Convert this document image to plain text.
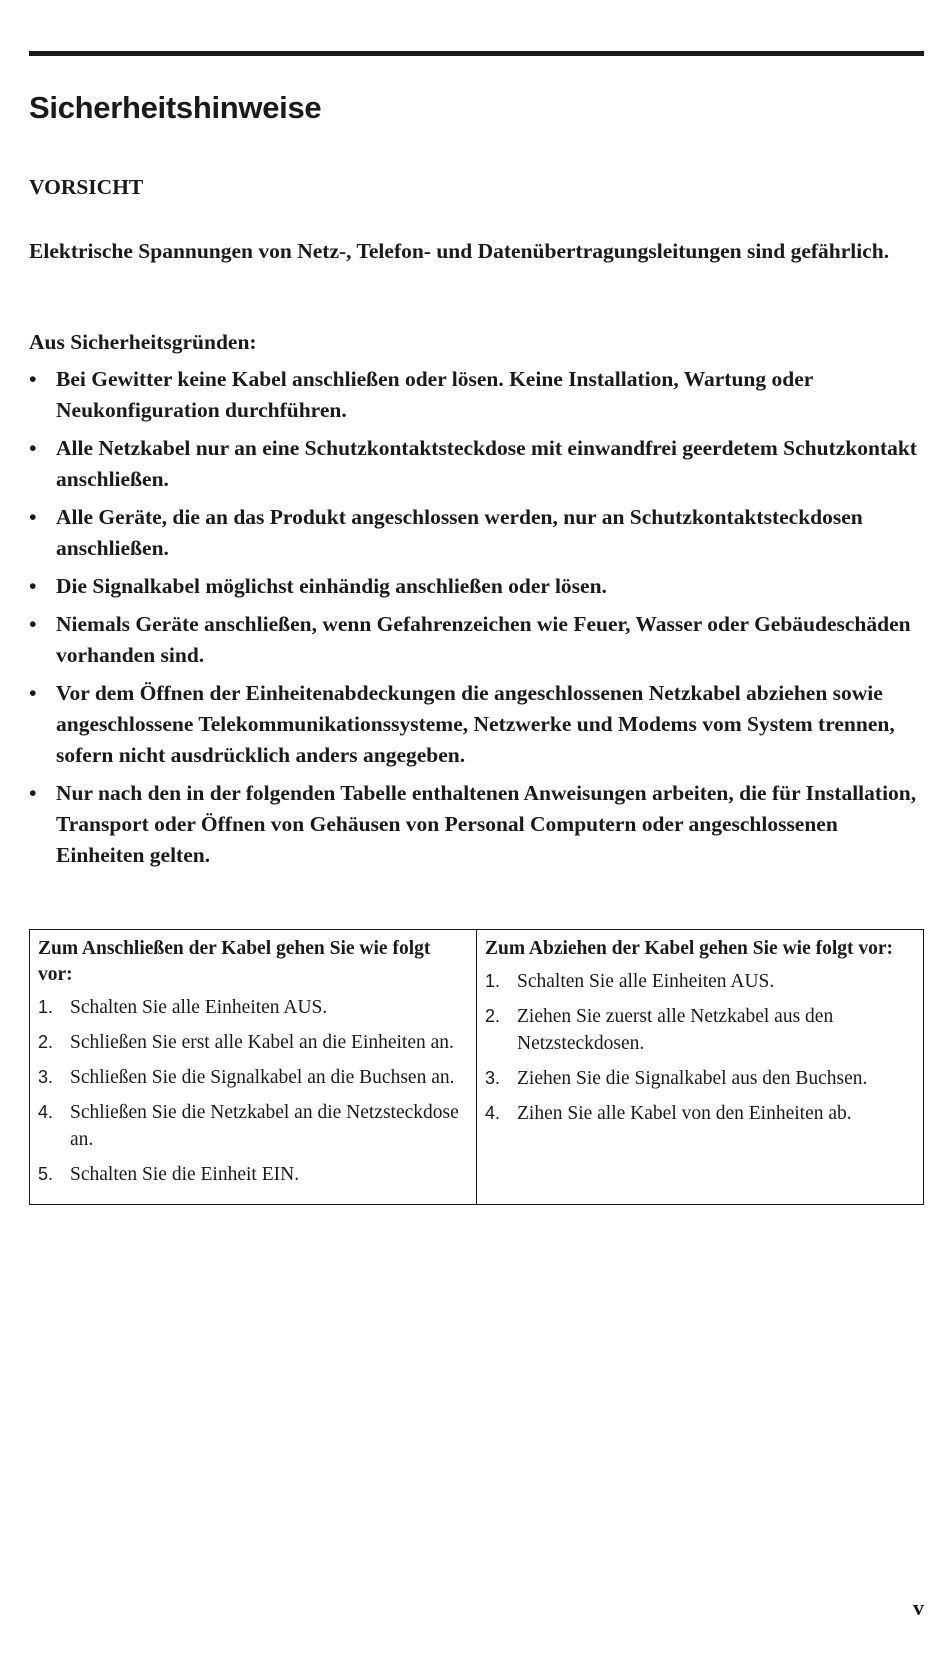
Sicherheitshinweise

VORSICHT

Elektrische Spannungen von Netz-, Telefon- und Datenübertragungsleitungen sind gefährlich.

Aus Sicherheitsgründen:

• Bei Gewitter keine Kabel anschließen oder lösen. Keine Installation, Wartung oder Neukonfiguration durchführen.
• Alle Netzkabel nur an eine Schutzkontaktsteckdose mit einwandfrei geerdetem Schutzkontakt anschließen.
• Alle Geräte, die an das Produkt angeschlossen werden, nur an Schutzkontaktsteckdosen anschließen.
• Die Signalkabel möglichst einhändig anschließen oder lösen.
• Niemals Geräte anschließen, wenn Gefahrenzeichen wie Feuer, Wasser oder Gebäudeschäden vorhanden sind.
• Vor dem Öffnen der Einheitenabdeckungen die angeschlossenen Netzkabel abziehen sowie angeschlossene Telekommunikationssysteme, Netzwerke und Modems vom System trennen, sofern nicht ausdrücklich anders angegeben.
• Nur nach den in der folgenden Tabelle enthaltenen Anweisungen arbeiten, die für Installation, Transport oder Öffnen von Gehäusen von Personal Computern oder angeschlossenen Einheiten gelten.
Zum Anschließen der Kabel gehen Sie wie folgt vor:
1. Schalten Sie alle Einheiten AUS.
2. Schließen Sie erst alle Kabel an die Einheiten an.
3. Schließen Sie die Signalkabel an die Buchsen an.
4. Schließen Sie die Netzkabel an die Netzsteckdose an.
5. Schalten Sie die Einheit EIN.

Zum Abziehen der Kabel gehen Sie wie folgt vor:
1. Schalten Sie alle Einheiten AUS.
2. Ziehen Sie zuerst alle Netzkabel aus den Netzsteckdosen.
3. Ziehen Sie die Signalkabel aus den Buchsen.
4. Zihen Sie alle Kabel von den Einheiten ab.
v
